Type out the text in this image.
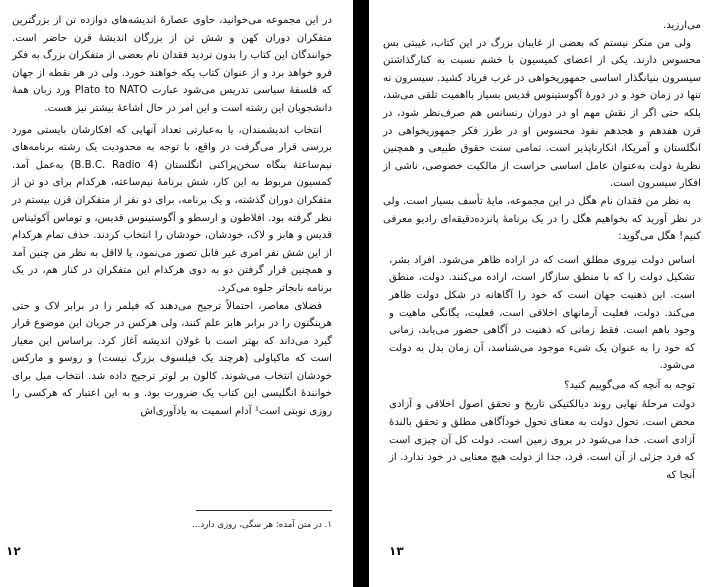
در این مجموعه می‌خوانید، حاوی عصارهٔ اندیشه‌های دوازده تن از بزرگترین متفکران دوران کهن و شش تن از بزرگان اندیشهٔ قرن حاضر است. خوانندگان این کتاب را بدون تردید فقدان نام بعضی از متفکران بزرگ به فکر فرو خواهد برد و از عنوان کتاب یکه خواهند خورد. ولی در هر نقطه از جهان که فلسفهٔ سیاسی تدریس می‌شود عبارت Plato to NATO ورد زبان همهٔ دانشجویان این رشته است و این امر در حال اشاعهٔ بیشتر نیز هست.

انتخاب اندیشمندان، یا به‌عبارتی تعداد آنهایی که افکارشان بایستی مورد بررسی قرار می‌گرفت در واقع، با توجه به محدودیت یک رشته برنامه‌های نیم‌ساعتهٔ بنگاه سخن‌پراکنی انگلستان (B.B.C. Radio 4) به‌عمل آمد. کمسیون مربوط به این کار، شش برنامهٔ نیم‌ساعته، هرکدام برای دو تن از متفکران دوران گذشته، و یک برنامه، برای دو نفر از متفکران قرن بیستم در نظر گرفته بود. افلاطون و ارسطو و آگوستینوس قدیس، و توماس آکوئیناس قدیس و هابز و لاک، خودشان، خودشان را انتخاب کردند. حذف تمام هرکدام از این شش نفر امری غیر قابل تصور می‌نمود، یا لااقل به نظر من چنین آمد و همچنین قرار گرفتن دو به دوی هرکدام این متفکران در کنار هم، در یک برنامه نابجاتر جلوه می‌کرد.

فضلای معاصر، احتمالاً ترجیح می‌دهند که فیلمر را در برابر لاک و حتی هرینگتون را در برابر هابز علم کنند، ولی هرکس در جریان این موضوع قرار گیرد می‌داند که بهتر است با غولان اندیشه آغاز کرد. براساس این معیار است که ماکیاولی (هرچند یک فیلسوف بزرگ نیست) و روسو و مارکس خودشان انتخاب می‌شوند. کالون بر لوتر ترجیح داده شد. انتخاب میل برای خوانندهٔ انگلیسی این کتاب یک ضرورت بود. و به این اعتبار که هرکسی را روزی نوبتی است¹ آدام اسمیت به یادآوری‌اش

۱. در متن آمده: هر سگی، روزی دارد...
۱۲

می‌ارزید.

ولی من منکر نیستم که بعضی از غایبان بزرگ در این کتاب، غیبتی بس محسوس دارند. یکی از اعضای کمیسیون با خشم نسبت به کنارگذاشتن سیسرون بنیانگذار اساسی جمهوریخواهی در غرب فریاد کشید. سیسرون نه تنها در زمان خود و در دورهٔ آگوستینوس قدیس بسیار بااهمیت تلقی می‌شد، بلکه حتی اگر از نقش مهم او در دوران رنسانس هم صرف‌نظر شود، در قرن هفدهم و هجدهم نفوذ محسوس او در طرز فکر جمهوریخواهی در انگلستان و آمریکا، انکارناپذیر است. تمامی سنت حقوق طبیعی و همچنین نظریهٔ دولت به‌عنوان عامل اساسی حراست از مالکیت خصوصی، ناشی از افکار سیسرون است.

به نظر من فقدان نام هگل در این مجموعه، مایهٔ تأسف بسیار است. ولی در نظر آورید که بخواهیم هگل را در یک برنامهٔ پانزده‌دقیقه‌ای رادیو معرفی کنیم! هگل می‌گوید:

اساس دولت نیروی مطلق است که در اراده ظاهر می‌شود. افراد بشر، تشکیل دولت را که با منطق سازگار است، اراده می‌کنند. دولت، منطق است. این ذهنیت جهان است که خود را آگاهانه در شکل دولت ظاهر می‌کند. دولت، فعلیت آرمانهای اخلاقی است، فعلیت، یگانگی ماهیت و وجود باهم است. فقط زمانی که ذهنیت در آگاهی حضور می‌یابد، زمانی که خود را به عنوان یک شیء موجود می‌شناسد، آن زمان بدل به دولت می‌شود.

توجه به آنچه که می‌گوییم کنید؟

دولت مرحلهٔ نهایی روند دیالکتیکی تاریخ و تحقق اصول اخلاقی و آزادی محض است. تحول دولت به معنای تحول خودآگاهی مطلق و تحقق بالندهٔ آزادی است. خدا می‌شود در بروی زمین است. دولت کل آن چیزی است که فرد جزئی از آن است. فرد، جدا از دولت هیچ معنایی در خود ندارد. از آنجا که

۱۳
